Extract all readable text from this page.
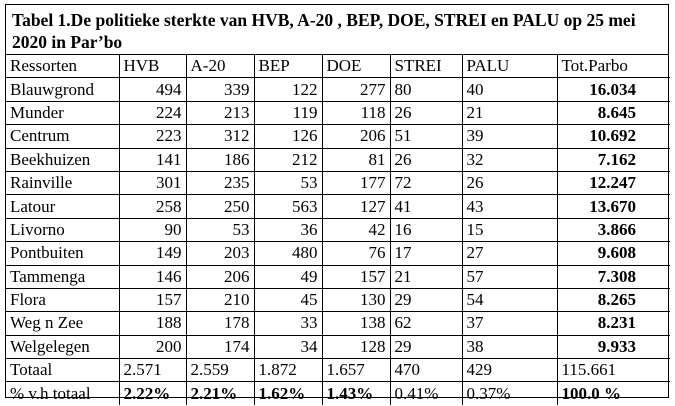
Tabel 1.De politieke sterkte van HVB, A-20 , BEP, DOE, STREI en PALU op 25 mei 2020 in Par’bo
Ressorten	HVB	A-20	BEP	DOE	STREI	PALU	Tot.Parbo
Blauwgrond	494	339	122	277	80	40	16.034
Munder	224	213	119	118	26	21	8.645
Centrum	223	312	126	206	51	39	10.692
Beekhuizen	141	186	212	81	26	32	7.162
Rainville	301	235	53	177	72	26	12.247
Latour	258	250	563	127	41	43	13.670
Livorno	90	53	36	42	16	15	3.866
Pontbuiten	149	203	480	76	17	27	9.608
Tammenga	146	206	49	157	21	57	7.308
Flora	157	210	45	130	29	54	8.265
Weg n Zee	188	178	33	138	62	37	8.231
Welgelegen	200	174	34	128	29	38	9.933
Totaal	2.571	2.559	1.872	1.657	470	429	115.661
% v.h totaal	2.22%	2.21%	1.62%	1.43%	0.41%	0.37%	100.0 %
